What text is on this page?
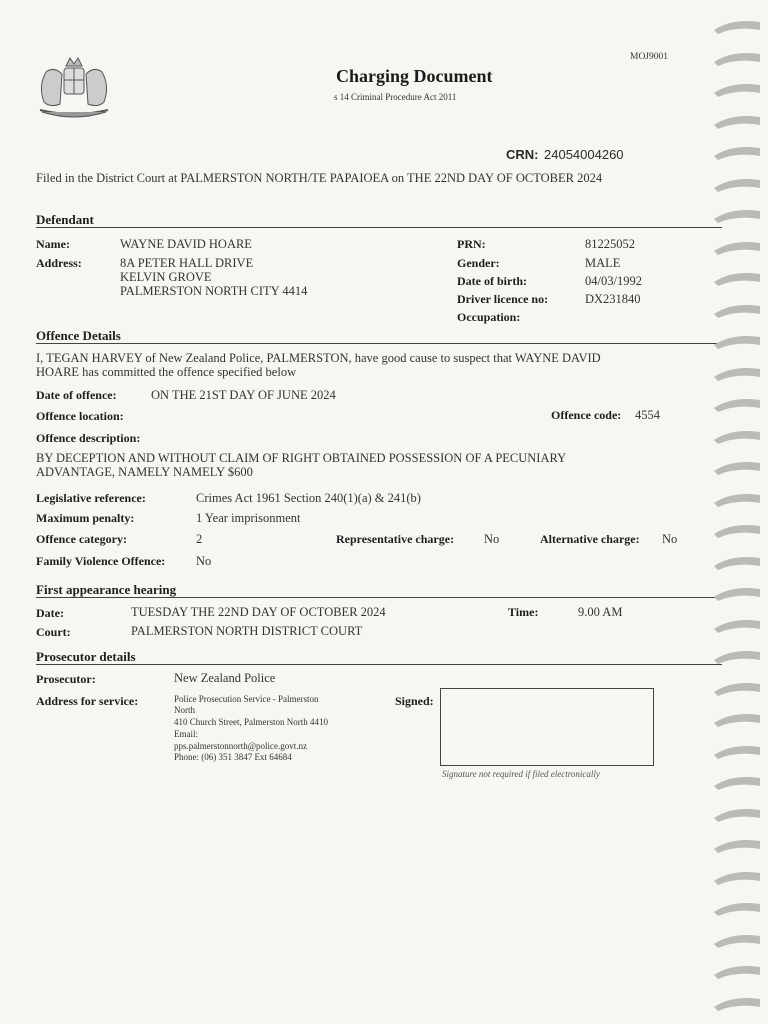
MOJ9001
Charging Document
s 14 Criminal Procedure Act 2011
CRN: 24054004260
Filed in the District Court at PALMERSTON NORTH/TE PAPAIOEA on THE 22ND DAY OF OCTOBER 2024
Defendant
Name:	WAYNE DAVID HOARE
Address:	8A PETER HALL DRIVE
KELVIN GROVE
PALMERSTON NORTH CITY 4414
PRN:	81225052
Gender:	MALE
Date of birth:	04/03/1992
Driver licence no:	DX231840
Occupation:
Offence Details
I, TEGAN HARVEY of New Zealand Police, PALMERSTON, have good cause to suspect that WAYNE DAVID
HOARE has committed the offence specified below
Date of offence:	ON THE 21ST DAY OF JUNE 2024
Offence location:	Offence code: 4554
Offence description:
BY DECEPTION AND WITHOUT CLAIM OF RIGHT OBTAINED POSSESSION OF A PECUNIARY
ADVANTAGE, NAMELY NAMELY $600
Legislative reference:	Crimes Act 1961 Section 240(1)(a) & 241(b)
Maximum penalty:	1 Year imprisonment
Offence category:	2	Representative charge: No	Alternative charge: No
Family Violence Offence: No
First appearance hearing
Date:	TUESDAY THE 22ND DAY OF OCTOBER 2024	Time:	9.00 AM
Court:	PALMERSTON NORTH DISTRICT COURT
Prosecutor details
Prosecutor:	New Zealand Police
Address for service:	Police Prosecution Service - Palmerston
North
410 Church Street, Palmerston North 4410
Email:
pps.palmerstonnorth@police.govt.nz
Phone: (06) 351 3847 Ext 64684
Signed:
Signature not required if filed electronically
